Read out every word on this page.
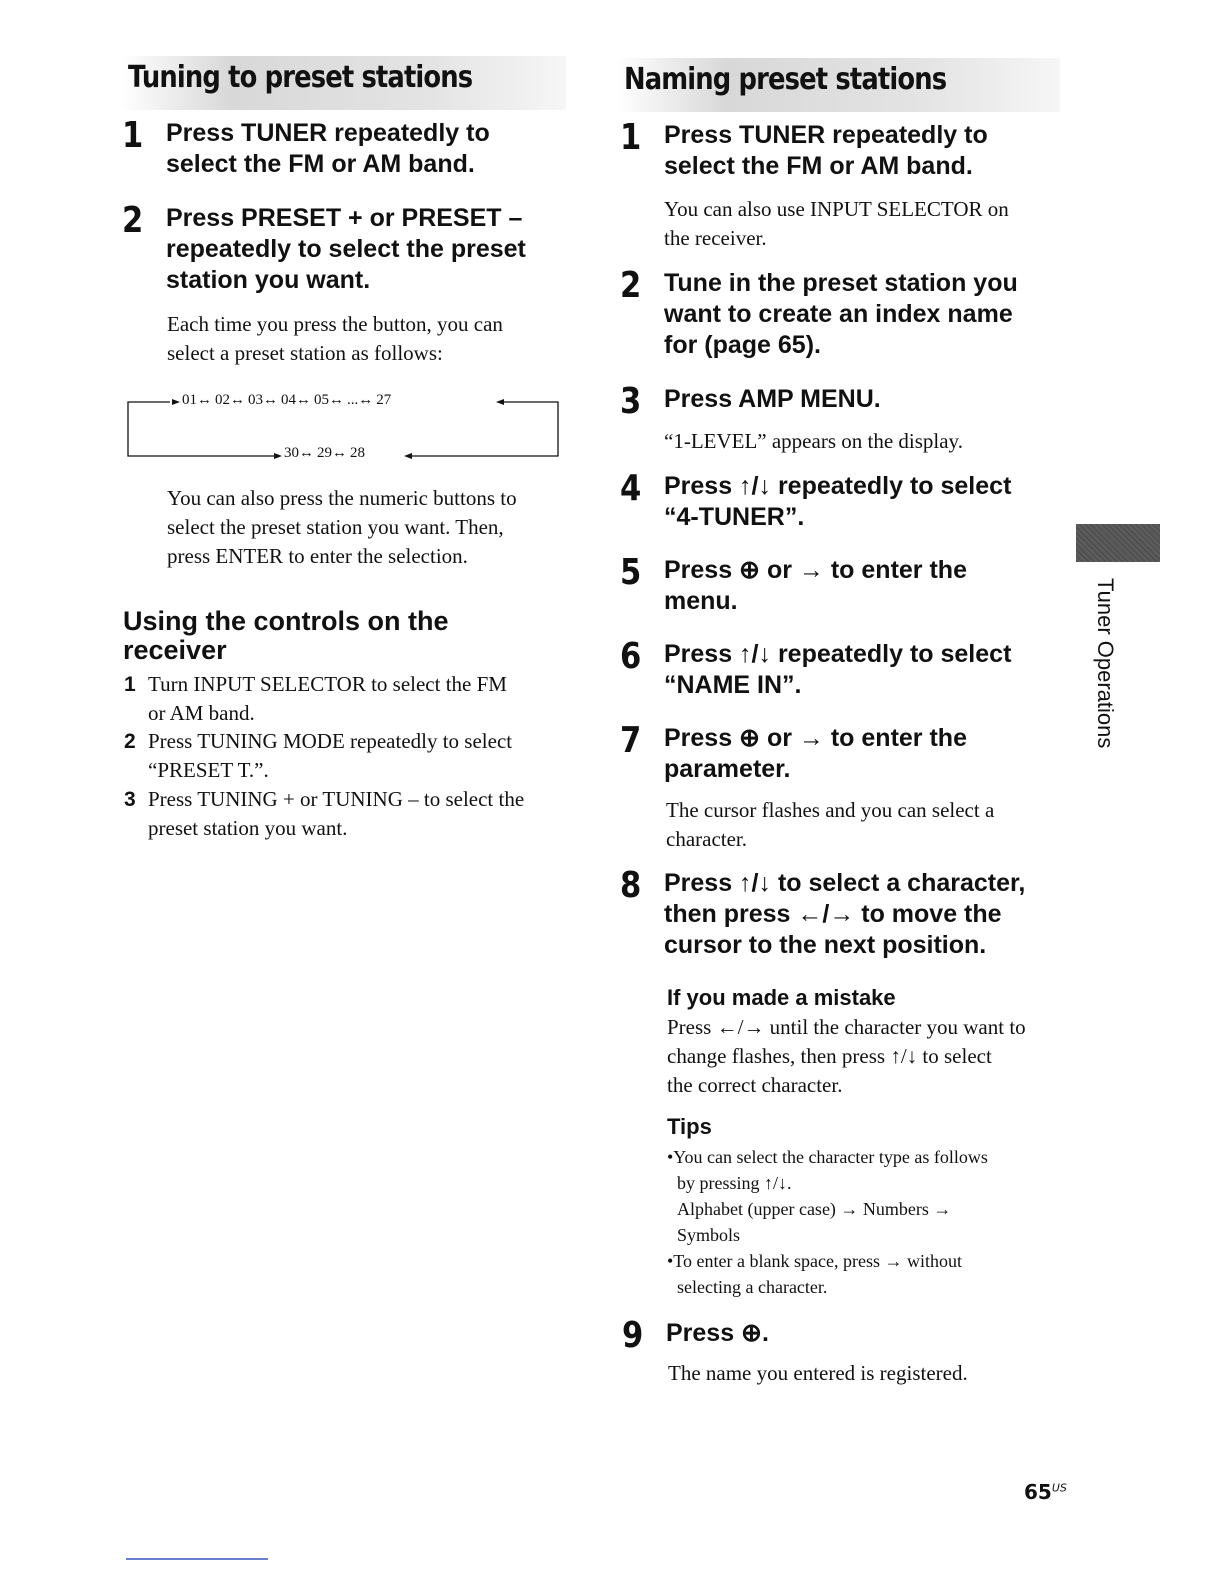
Tuning to preset stations
1 Press TUNER repeatedly to
select the FM or AM band.
2 Press PRESET + or PRESET –
repeatedly to select the preset
station you want.
Each time you press the button, you can
select a preset station as follows:
01↔ 02↔ 03↔ 04↔ 05↔ ...↔ 27
30↔ 29↔ 28
You can also press the numeric buttons to
select the preset station you want. Then,
press ENTER to enter the selection.
Using the controls on the
receiver
1 Turn INPUT SELECTOR to select the FM
or AM band.
2 Press TUNING MODE repeatedly to select
“PRESET T.”.
3 Press TUNING + or TUNING – to select the
preset station you want.
Naming preset stations
1 Press TUNER repeatedly to
select the FM or AM band.
You can also use INPUT SELECTOR on
the receiver.
2 Tune in the preset station you
want to create an index name
for (page 65).
3 Press AMP MENU.
“1-LEVEL” appears on the display.
4 Press ↑/↓ repeatedly to select
“4-TUNER”.
5 Press ⊕ or → to enter the
menu.
6 Press ↑/↓ repeatedly to select
“NAME IN”.
7 Press ⊕ or → to enter the
parameter.
The cursor flashes and you can select a
character.
8 Press ↑/↓ to select a character,
then press ←/→ to move the
cursor to the next position.
If you made a mistake
Press ←/→ until the character you want to
change flashes, then press ↑/↓ to select
the correct character.
Tips
•You can select the character type as follows
by pressing ↑/↓.
Alphabet (upper case) → Numbers →
Symbols
•To enter a blank space, press → without
selecting a character.
9 Press ⊕.
The name you entered is registered.
Tuner Operations
$65^{US}$
